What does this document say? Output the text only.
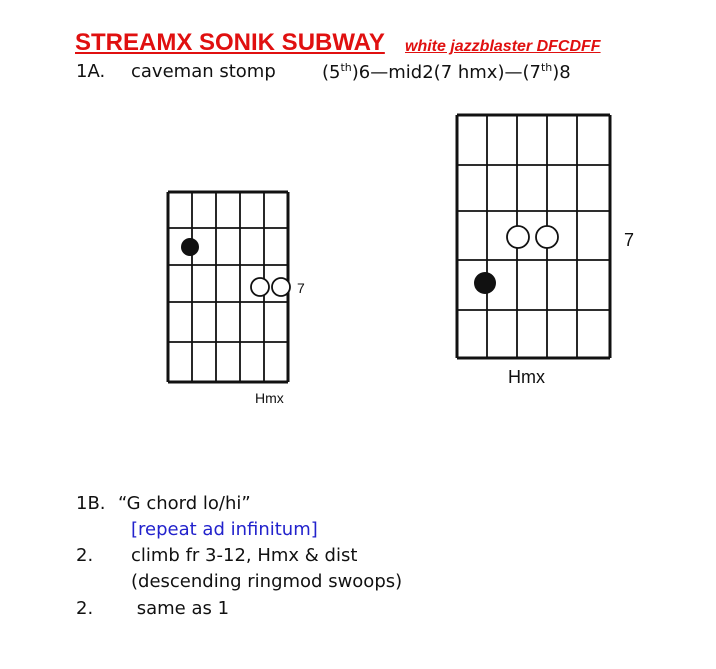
STREAMX SONIK SUBWAY white jazzblaster DFCDFF
1A. caveman stomp	(5th)6—mid2(7 hmx)—(7th)8
7
Hmx
7
Hmx
1B. “G chord lo/hi”
[repeat ad infinitum]
2. climb fr 3-12, Hmx & dist
(descending ringmod swoops)
2. same as 1
